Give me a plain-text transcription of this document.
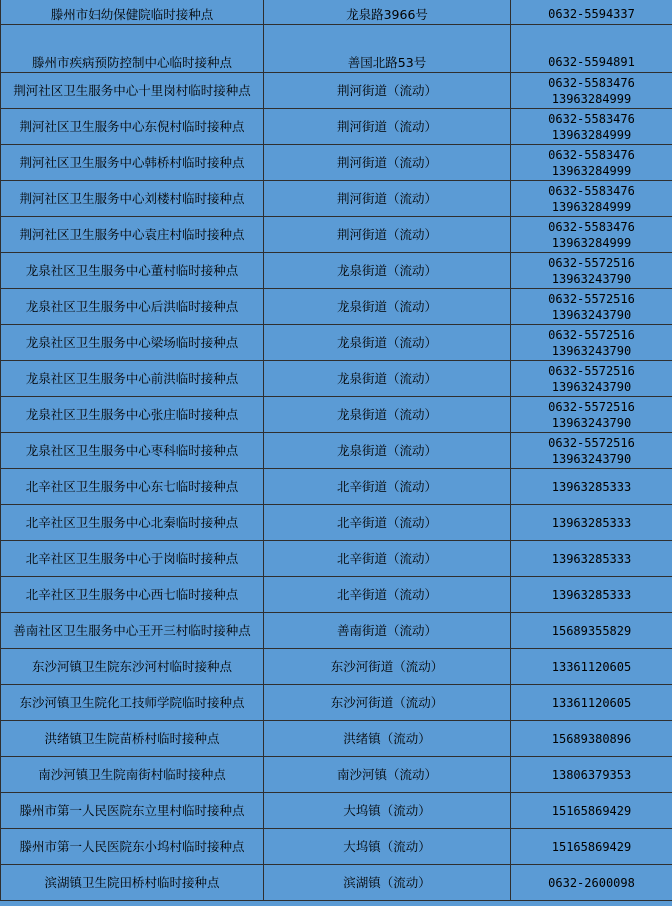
滕州市妇幼保健院临时接种点	龙泉路3966号	0632-5594337

滕州市疾病预防控制中心临时接种点	善国北路53号	0632-5594891

荆河社区卫生服务中心十里岗村临时接种点	荆河街道（流动）	0632-5583476
13963284999

荆河社区卫生服务中心东倪村临时接种点	荆河街道（流动）	0632-5583476
13963284999

荆河社区卫生服务中心韩桥村临时接种点	荆河街道（流动）	0632-5583476
13963284999

荆河社区卫生服务中心刘楼村临时接种点	荆河街道（流动）	0632-5583476
13963284999

荆河社区卫生服务中心袁庄村临时接种点	荆河街道（流动）	0632-5583476
13963284999

龙泉社区卫生服务中心董村临时接种点	龙泉街道（流动）	0632-5572516
13963243790

龙泉社区卫生服务中心后洪临时接种点	龙泉街道（流动）	0632-5572516
13963243790

龙泉社区卫生服务中心梁场临时接种点	龙泉街道（流动）	0632-5572516
13963243790

龙泉社区卫生服务中心前洪临时接种点	龙泉街道（流动）	0632-5572516
13963243790

龙泉社区卫生服务中心张庄临时接种点	龙泉街道（流动）	0632-5572516
13963243790

龙泉社区卫生服务中心枣科临时接种点	龙泉街道（流动）	0632-5572516
13963243790

北辛社区卫生服务中心东七临时接种点	北辛街道（流动）	13963285333

北辛社区卫生服务中心北秦临时接种点	北辛街道（流动）	13963285333

北辛社区卫生服务中心于岗临时接种点	北辛街道（流动）	13963285333

北辛社区卫生服务中心西七临时接种点	北辛街道（流动）	13963285333

善南社区卫生服务中心王开三村临时接种点	善南街道（流动）	15689355829

东沙河镇卫生院东沙河村临时接种点	东沙河街道（流动）	13361120605

东沙河镇卫生院化工技师学院临时接种点	东沙河街道（流动）	13361120605

洪绪镇卫生院苗桥村临时接种点	洪绪镇（流动）	15689380896

南沙河镇卫生院南街村临时接种点	南沙河镇（流动）	13806379353

滕州市第一人民医院东立里村临时接种点	大坞镇（流动）	15165869429

滕州市第一人民医院东小坞村临时接种点	大坞镇（流动）	15165869429

滨湖镇卫生院田桥村临时接种点	滨湖镇（流动）	0632-2600098
